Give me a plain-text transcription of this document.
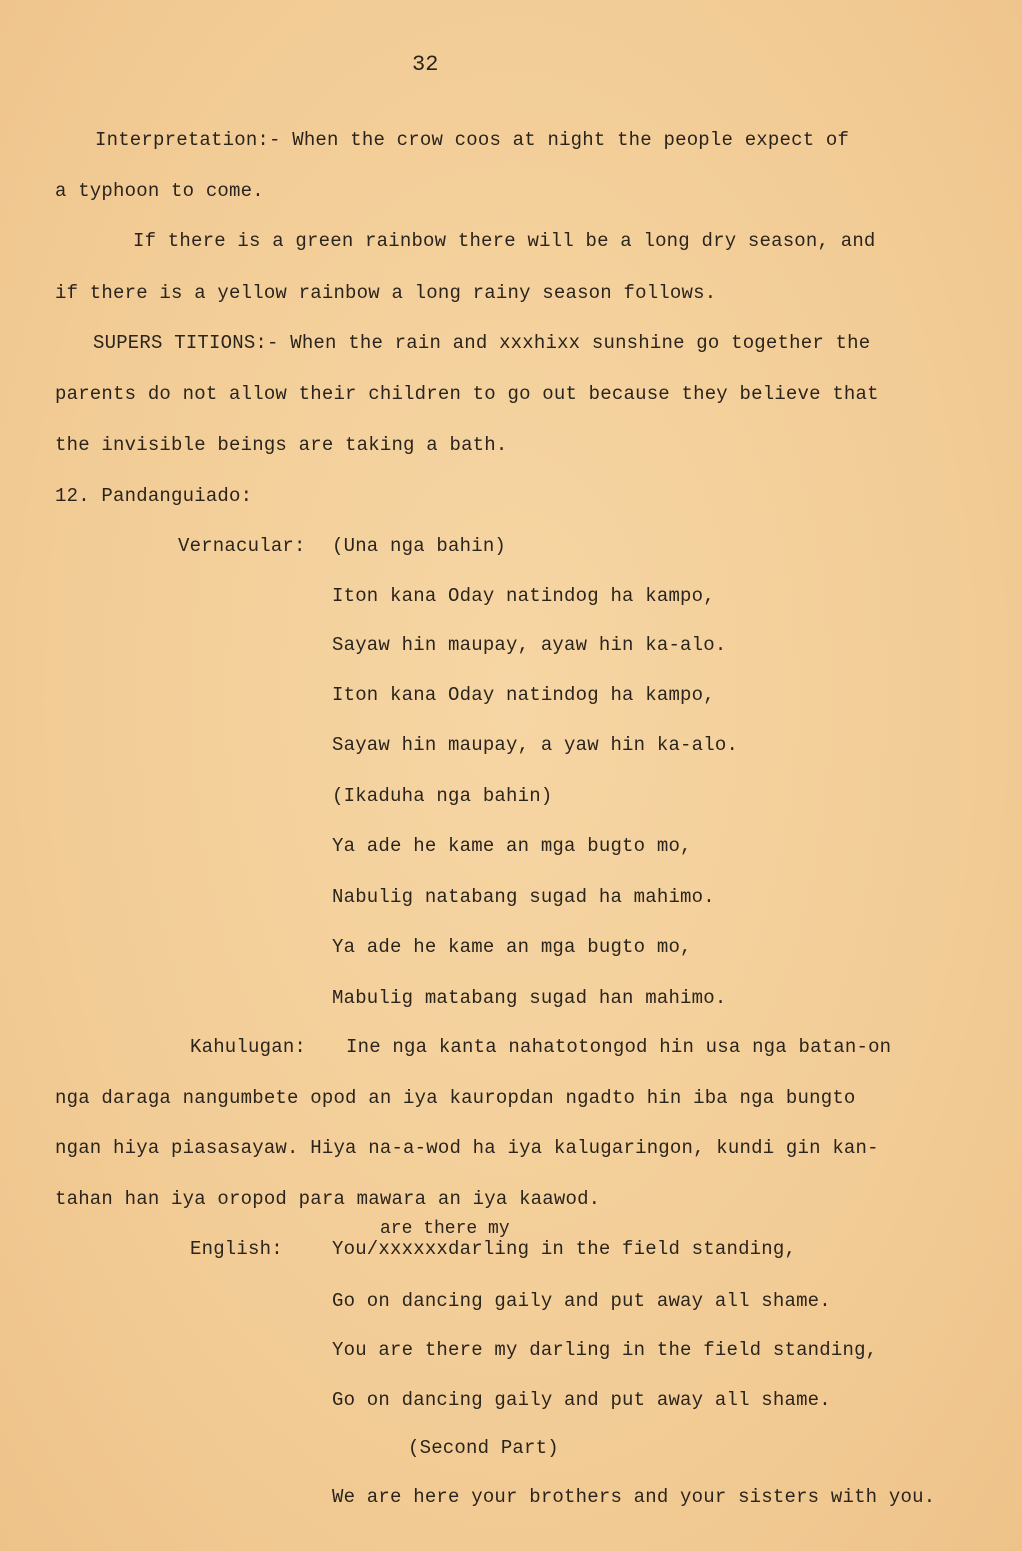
32
Interpretation:- When the crow coos at night the people expect of
a typhoon to come.
If there is a green rainbow there will be a long dry season, and
if there is a yellow rainbow a long rainy season follows.
SUPERS TITIONS:- When the rain and xxxhixx sunshine go together the
parents do not allow their children to go out because they believe that
the invisible beings are taking a bath.
12. Pandanguiado:
Vernacular: (Una nga bahin)
Iton kana Oday natindog ha kampo,
Sayaw hin maupay, ayaw hin ka-alo.
Iton kana Oday natindog ha kampo,
Sayaw hin maupay, a yaw hin ka-alo.
(Ikaduha nga bahin)
Ya ade he kame an mga bugto mo,
Nabulig natabang sugad ha mahimo.
Ya ade he kame an mga bugto mo,
Mabulig matabang sugad han mahimo.
Kahulugan: Ine nga kanta nahatotongod hin usa nga batan-on
nga daraga nangumbete opod an iya kauropdan ngadto hin iba nga bungto
ngan hiya piasasayaw. Hiya na-a-wod ha iya kalugaringon, kundi gin kan-
tahan han iya oropod para mawara an iya kaawod.
are there my
English:	You/xxxxxxdarling in the field standing,
Go on dancing gaily and put away all shame.
You are there my darling in the field standing,
Go on dancing gaily and put away all shame.
(Second Part)
We are here your brothers and your sisters with you.
